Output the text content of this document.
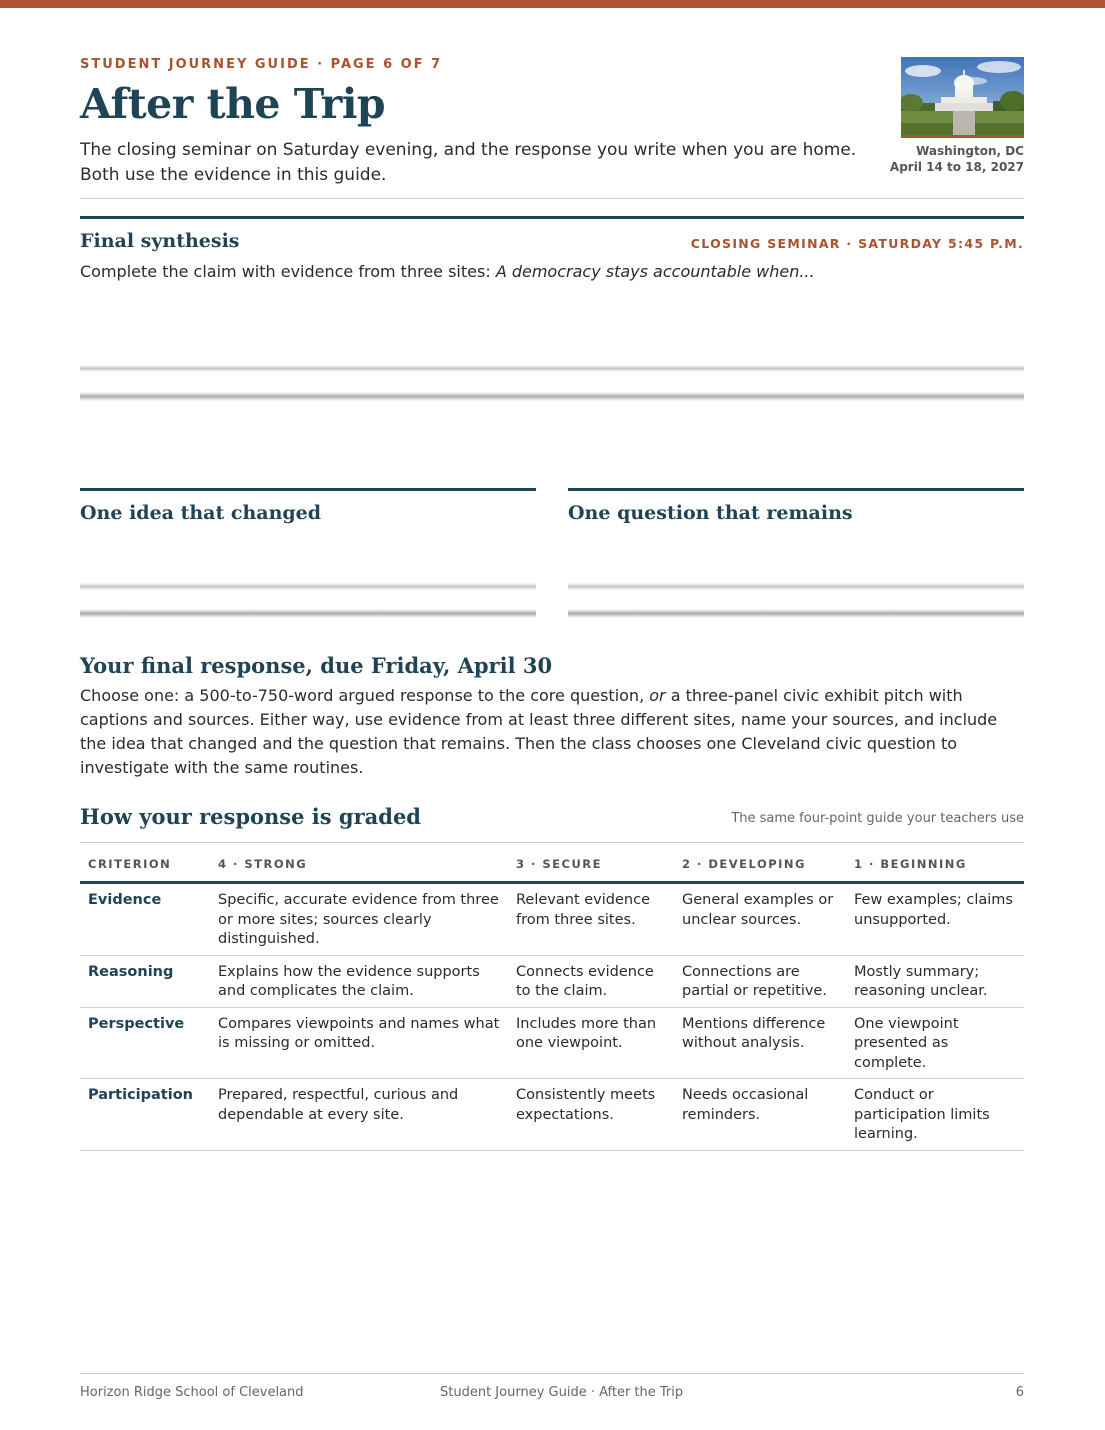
STUDENT JOURNEY GUIDE · PAGE 6 OF 7
After the Trip
The closing seminar on Saturday evening, and the response you write when you are home. Both use the evidence in this guide.
Washington, DC
April 14 to 18, 2027
Final synthesis	CLOSING SEMINAR · SATURDAY 5:45 P.M.
Complete the claim with evidence from three sites: A democracy stays accountable when...
One idea that changed	One question that remains
Your final response, due Friday, April 30
Choose one: a 500-to-750-word argued response to the core question, or a three-panel civic exhibit pitch with captions and sources. Either way, use evidence from at least three different sites, name your sources, and include the idea that changed and the question that remains. Then the class chooses one Cleveland civic question to investigate with the same routines.
How your response is graded	The same four-point guide your teachers use
CRITERION	4 · STRONG	3 · SECURE	2 · DEVELOPING	1 · BEGINNING
Evidence	Specific, accurate evidence from three or more sites; sources clearly distinguished.	Relevant evidence from three sites.	General examples or unclear sources.	Few examples; claims unsupported.
Reasoning	Explains how the evidence supports and complicates the claim.	Connects evidence to the claim.	Connections are partial or repetitive.	Mostly summary; reasoning unclear.
Perspective	Compares viewpoints and names what is missing or omitted.	Includes more than one viewpoint.	Mentions difference without analysis.	One viewpoint presented as complete.
Participation	Prepared, respectful, curious and dependable at every site.	Consistently meets expectations.	Needs occasional reminders.	Conduct or participation limits learning.
Horizon Ridge School of Cleveland	Student Journey Guide · After the Trip	6
